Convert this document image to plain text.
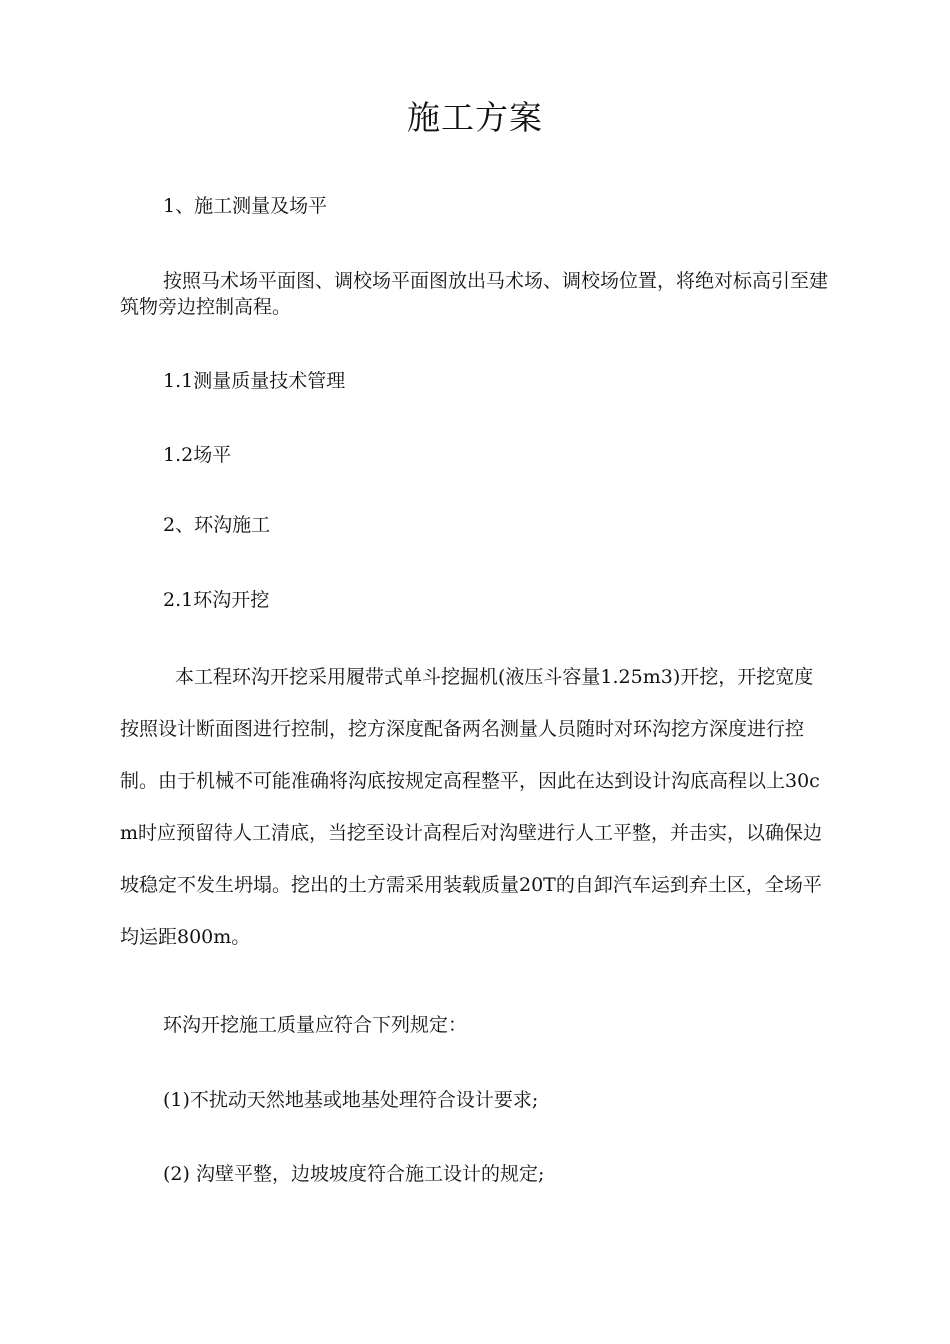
施工方案
1、施工测量及场平
按照马术场平面图、调校场平面图放出马术场、调校场位置，将绝对标高引至建筑物旁边控制高程。
1.1测量质量技术管理
1.2场平
2、环沟施工
2.1环沟开挖
本工程环沟开挖采用履带式单斗挖掘机(液压斗容量1.25m3)开挖，开挖宽度按照设计断面图进行控制，挖方深度配备两名测量人员随时对环沟挖方深度进行控制。由于机械不可能准确将沟底按规定高程整平，因此在达到设计沟底高程以上30cm时应预留待人工清底，当挖至设计高程后对沟壁进行人工平整，并击实，以确保边坡稳定不发生坍塌。挖出的土方需采用装载质量20T的自卸汽车运到弃土区，全场平均运距800m。
环沟开挖施工质量应符合下列规定：
(1)不扰动天然地基或地基处理符合设计要求;
(2) 沟壁平整，边坡坡度符合施工设计的规定;
